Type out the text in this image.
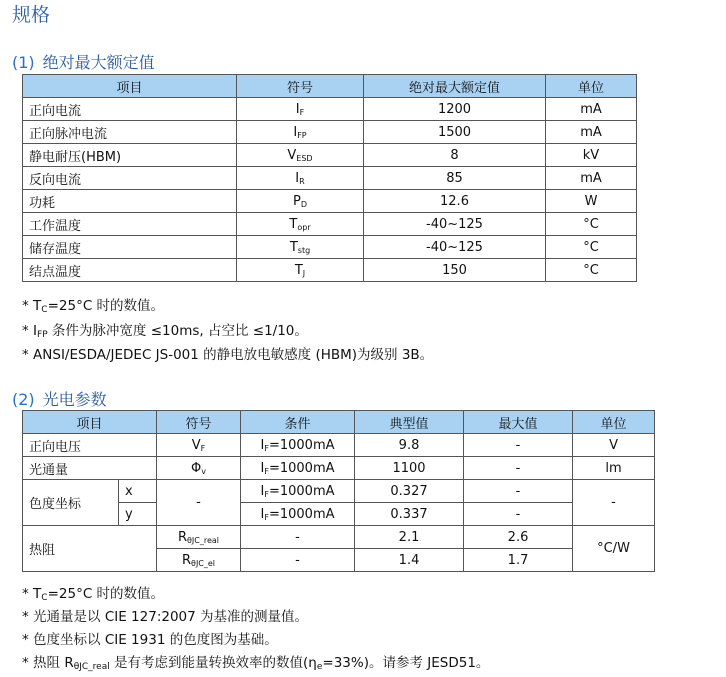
规格
(1) 绝对最大额定值
项目	符号	绝对最大额定值	单位
正向电流	$I_F$	1200	mA
正向脉冲电流	$I_{FP}$	1500	mA
静电耐压(HBM)	$V_{ESD}$	8	kV
反向电流	$I_R$	85	mA
功耗	$P_D$	12.6	W
工作温度	$T_{opr}$	-40~125	°C
储存温度	$T_{stg}$	-40~125	°C
结点温度	$T_J$	150	°C
* $T_C=25^\circ C$ 时的数值。
* $I_{FP}$ 条件为脉冲宽度 ≤10ms, 占空比 ≤1/10。
* ANSI/ESDA/JEDEC JS-001 的静电放电敏感度 (HBM)为级别 3B。
(2) 光电参数
项目		符号	条件	典型值	最大值	单位
正向电压		$V_F$	$I_F=1000mA$	9.8	-	V
光通量		$\Phi_v$	$I_F=1000mA$	1100	-	lm
色度坐标	x	-	$I_F=1000mA$	0.327	-	-
	y		$I_F=1000mA$	0.337	-	
热阻		$R_{\theta JC\_real}$	-	2.1	2.6	°C/W
		$R_{\theta JC\_el}$	-	1.4	1.7	
* $T_C=25^\circ C$ 时的数值。
* 光通量是以 CIE 127:2007 为基准的测量值。
* 色度坐标以 CIE 1931 的色度图为基础。
* 热阻 $R_{\theta JC\_real}$ 是有考虑到能量转换效率的数值$(\eta_e=33\%)$。请参考 JESD51。
